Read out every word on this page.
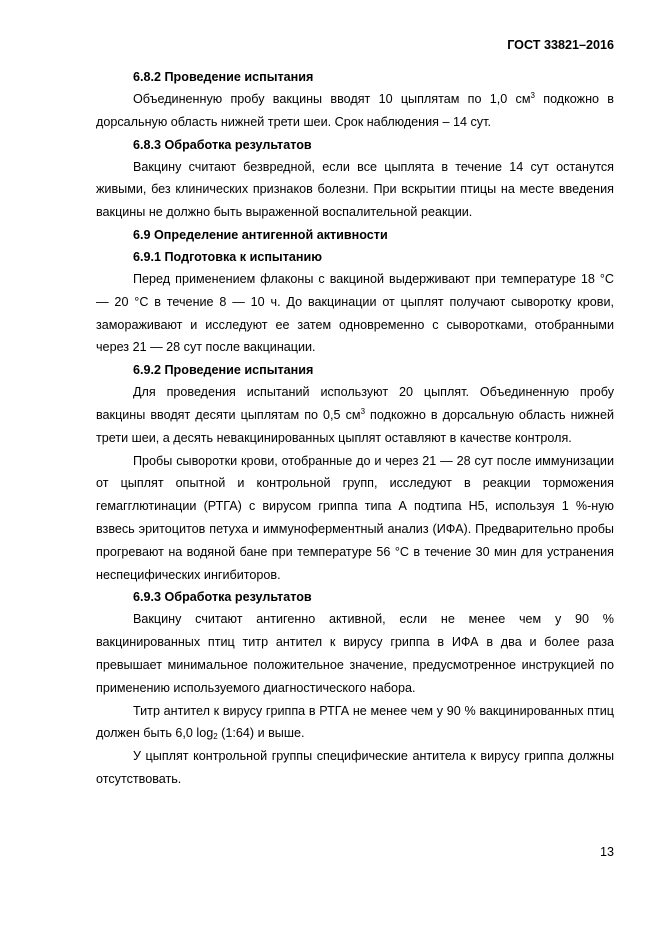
ГОСТ 33821–2016

6.8.2 Проведение испытания

Объединенную пробу вакцины вводят 10 цыплятам по 1,0 $см^3$ подкожно в дорсальную область нижней трети шеи. Срок наблюдения – 14 сут.

6.8.3 Обработка результатов

Вакцину считают безвредной, если все цыплята в течение 14 сут останутся живыми, без клинических признаков болезни. При вскрытии птицы на месте введения вакцины не должно быть выраженной воспалительной реакции.

6.9 Определение антигенной активности

6.9.1 Подготовка к испытанию

Перед применением флаконы с вакциной выдерживают при температуре 18 °С — 20 °С в течение 8 — 10 ч. До вакцинации от цыплят получают сыворотку крови, замораживают и исследуют ее затем одновременно с сыворотками, отобранными через 21 — 28 сут после вакцинации.

6.9.2 Проведение испытания

Для проведения испытаний используют 20 цыплят. Объединенную пробу вакцины вводят десяти цыплятам по 0,5 $см^3$ подкожно в дорсальную область нижней трети шеи, а десять невакцинированных цыплят оставляют в качестве контроля.

Пробы сыворотки крови, отобранные до и через 21 — 28 сут после иммунизации от цыплят опытной и контрольной групп, исследуют в реакции торможения гемагглютинации (РТГА) с вирусом гриппа типа А подтипа H5, используя 1 %-ную взвесь эритоцитов петуха и иммуноферментный анализ (ИФА). Предварительно пробы прогревают на водяной бане при температуре 56 °С в течение 30 мин для устранения неспецифических ингибиторов.

6.9.3 Обработка результатов

Вакцину считают антигенно активной, если не менее чем у 90 % вакцинированных птиц титр антител к вирусу гриппа в ИФА в два и более раза превышает минимальное положительное значение, предусмотренное инструкцией по применению используемого диагностического набора.

Титр антител к вирусу гриппа в РТГА не менее чем у 90 % вакцинированных птиц должен быть 6,0 $\log_2$ (1:64) и выше.

У цыплят контрольной группы специфические антитела к вирусу гриппа должны отсутствовать.

13
